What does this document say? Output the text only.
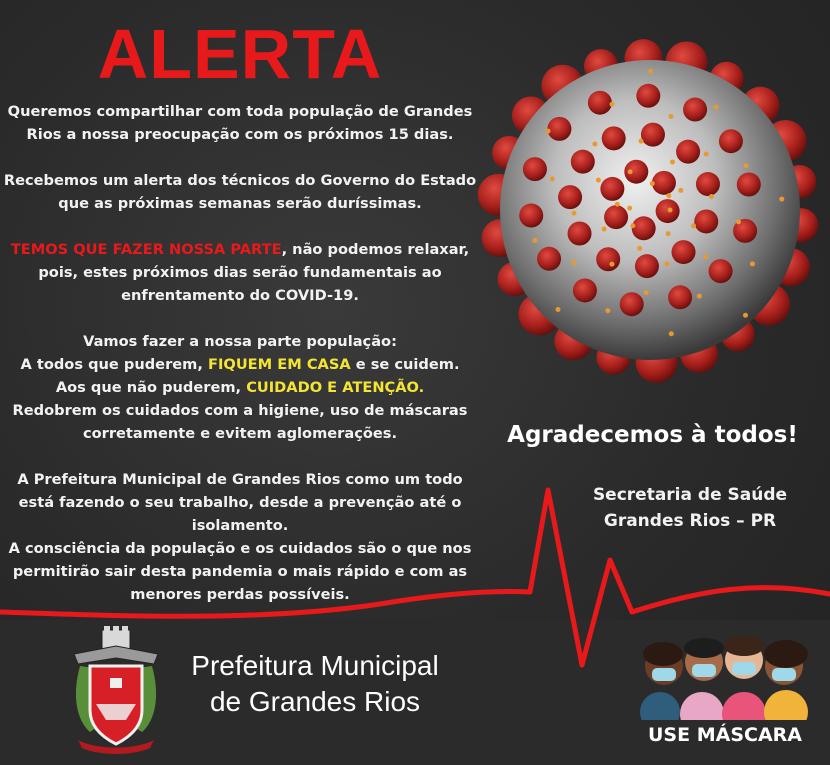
ALERTA

Queremos compartilhar com toda população de Grandes Rios a nossa preocupação com os próximos 15 dias.

Recebemos um alerta dos técnicos do Governo do Estado que as próximas semanas serão duríssimas.

TEMOS QUE FAZER NOSSA PARTE, não podemos relaxar, pois, estes próximos dias serão fundamentais ao enfrentamento do COVID-19.

Vamos fazer a nossa parte população:
A todos que puderem, FIQUEM EM CASA e se cuidem.
Aos que não puderem, CUIDADO E ATENÇÃO.
Redobrem os cuidados com a higiene, uso de máscaras corretamente e evitem aglomerações.

A Prefeitura Municipal de Grandes Rios como um todo está fazendo o seu trabalho, desde a prevenção até o isolamento.
A consciência da população e os cuidados são o que nos permitirão sair desta pandemia o mais rápido e com as menores perdas possíveis.

Agradecemos à todos!
Secretaria de Saúde
Grandes Rios – PR
Prefeitura Municipal
de Grandes Rios
USE MÁSCARA
